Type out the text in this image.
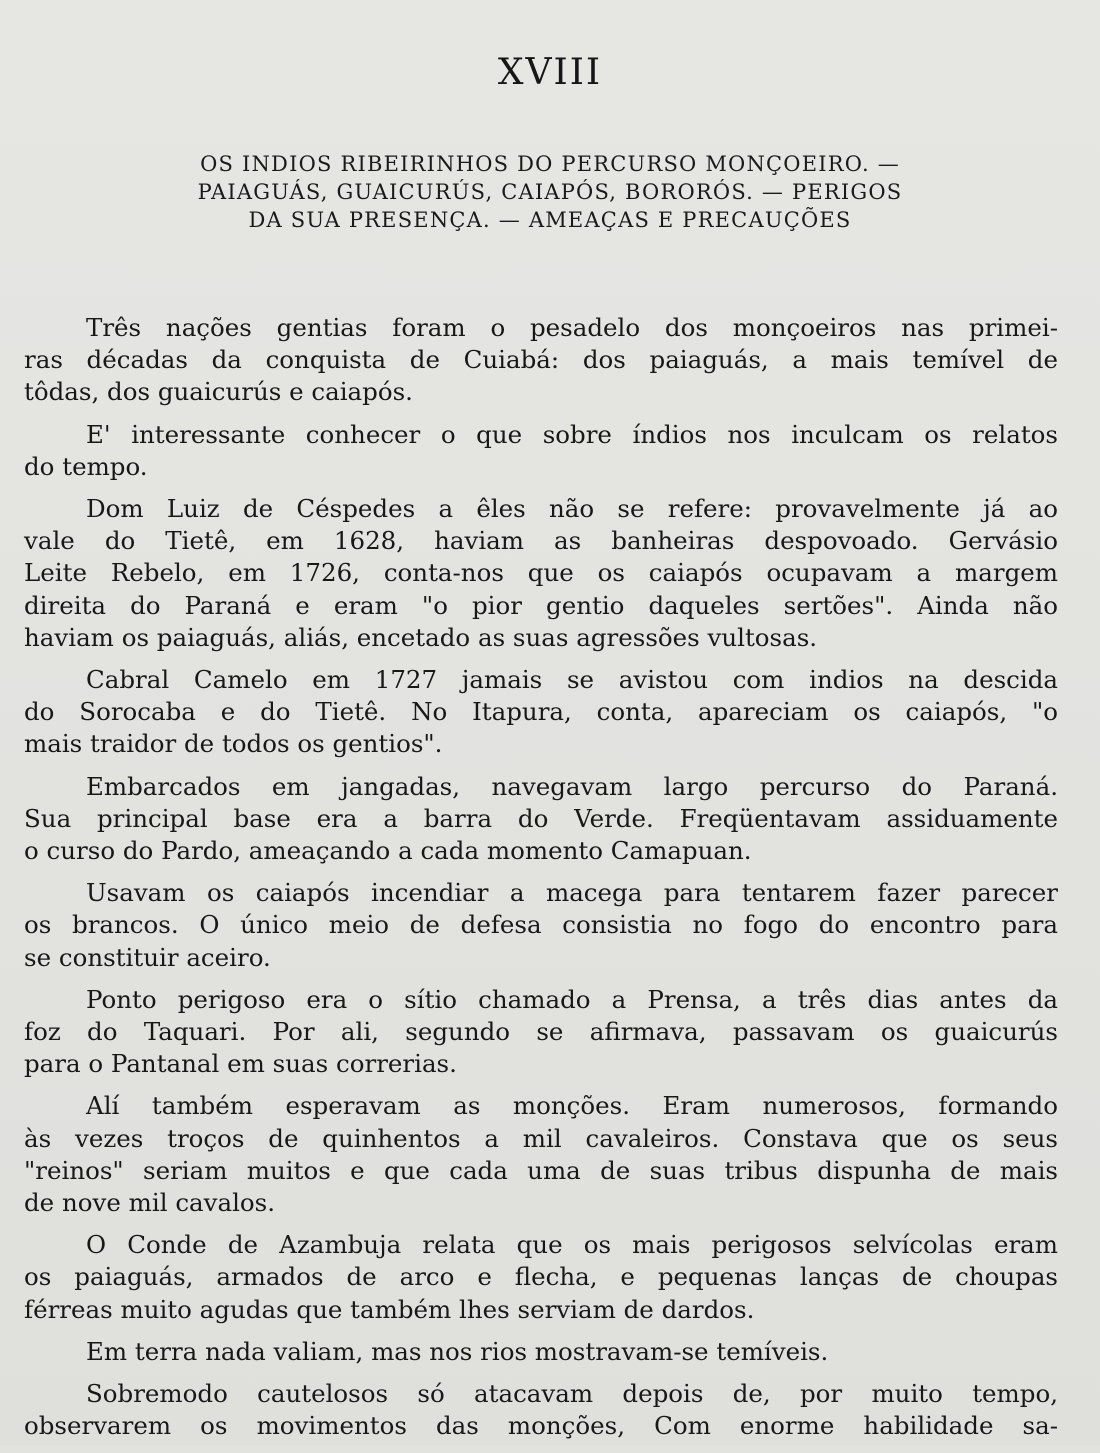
XVIII
OS INDIOS RIBEIRINHOS DO PERCURSO MONÇOEIRO. —
PAIAGUÁS, GUAICURÚS, CAIAPÓS, BORORÓS. — PERIGOS
DA SUA PRESENÇA. — AMEAÇAS E PRECAUÇÕES
Três nações gentias foram o pesadelo dos monçoeiros nas primei-
ras décadas da conquista de Cuiabá: dos paiaguás, a mais temível de
tôdas, dos guaicurús e caiapós.
E' interessante conhecer o que sobre índios nos inculcam os relatos
do tempo.
Dom Luiz de Céspedes a êles não se refere: provavelmente já ao
vale do Tietê, em 1628, haviam as banheiras despovoado. Gervásio
Leite Rebelo, em 1726, conta-nos que os caiapós ocupavam a margem
direita do Paraná e eram "o pior gentio daqueles sertões". Ainda não
haviam os paiaguás, aliás, encetado as suas agressões vultosas.
Cabral Camelo em 1727 jamais se avistou com indios na descida
do Sorocaba e do Tietê. No Itapura, conta, apareciam os caiapós, "o
mais traidor de todos os gentios".
Embarcados em jangadas, navegavam largo percurso do Paraná.
Sua principal base era a barra do Verde. Freqüentavam assiduamente
o curso do Pardo, ameaçando a cada momento Camapuan.
Usavam os caiapós incendiar a macega para tentarem fazer parecer
os brancos. O único meio de defesa consistia no fogo do encontro para
se constituir aceiro.
Ponto perigoso era o sítio chamado a Prensa, a três dias antes da
foz do Taquari. Por ali, segundo se afirmava, passavam os guaicurús
para o Pantanal em suas correrias.
Alí também esperavam as monções. Eram numerosos, formando
às vezes troços de quinhentos a mil cavaleiros. Constava que os seus
"reinos" seriam muitos e que cada uma de suas tribus dispunha de mais
de nove mil cavalos.
O Conde de Azambuja relata que os mais perigosos selvícolas eram
os paiaguás, armados de arco e flecha, e pequenas lanças de choupas
férreas muito agudas que também lhes serviam de dardos.
Em terra nada valiam, mas nos rios mostravam-se temíveis.
Sobremodo cautelosos só atacavam depois de, por muito tempo,
observarem os movimentos das monções, Com enorme habilidade sa-
